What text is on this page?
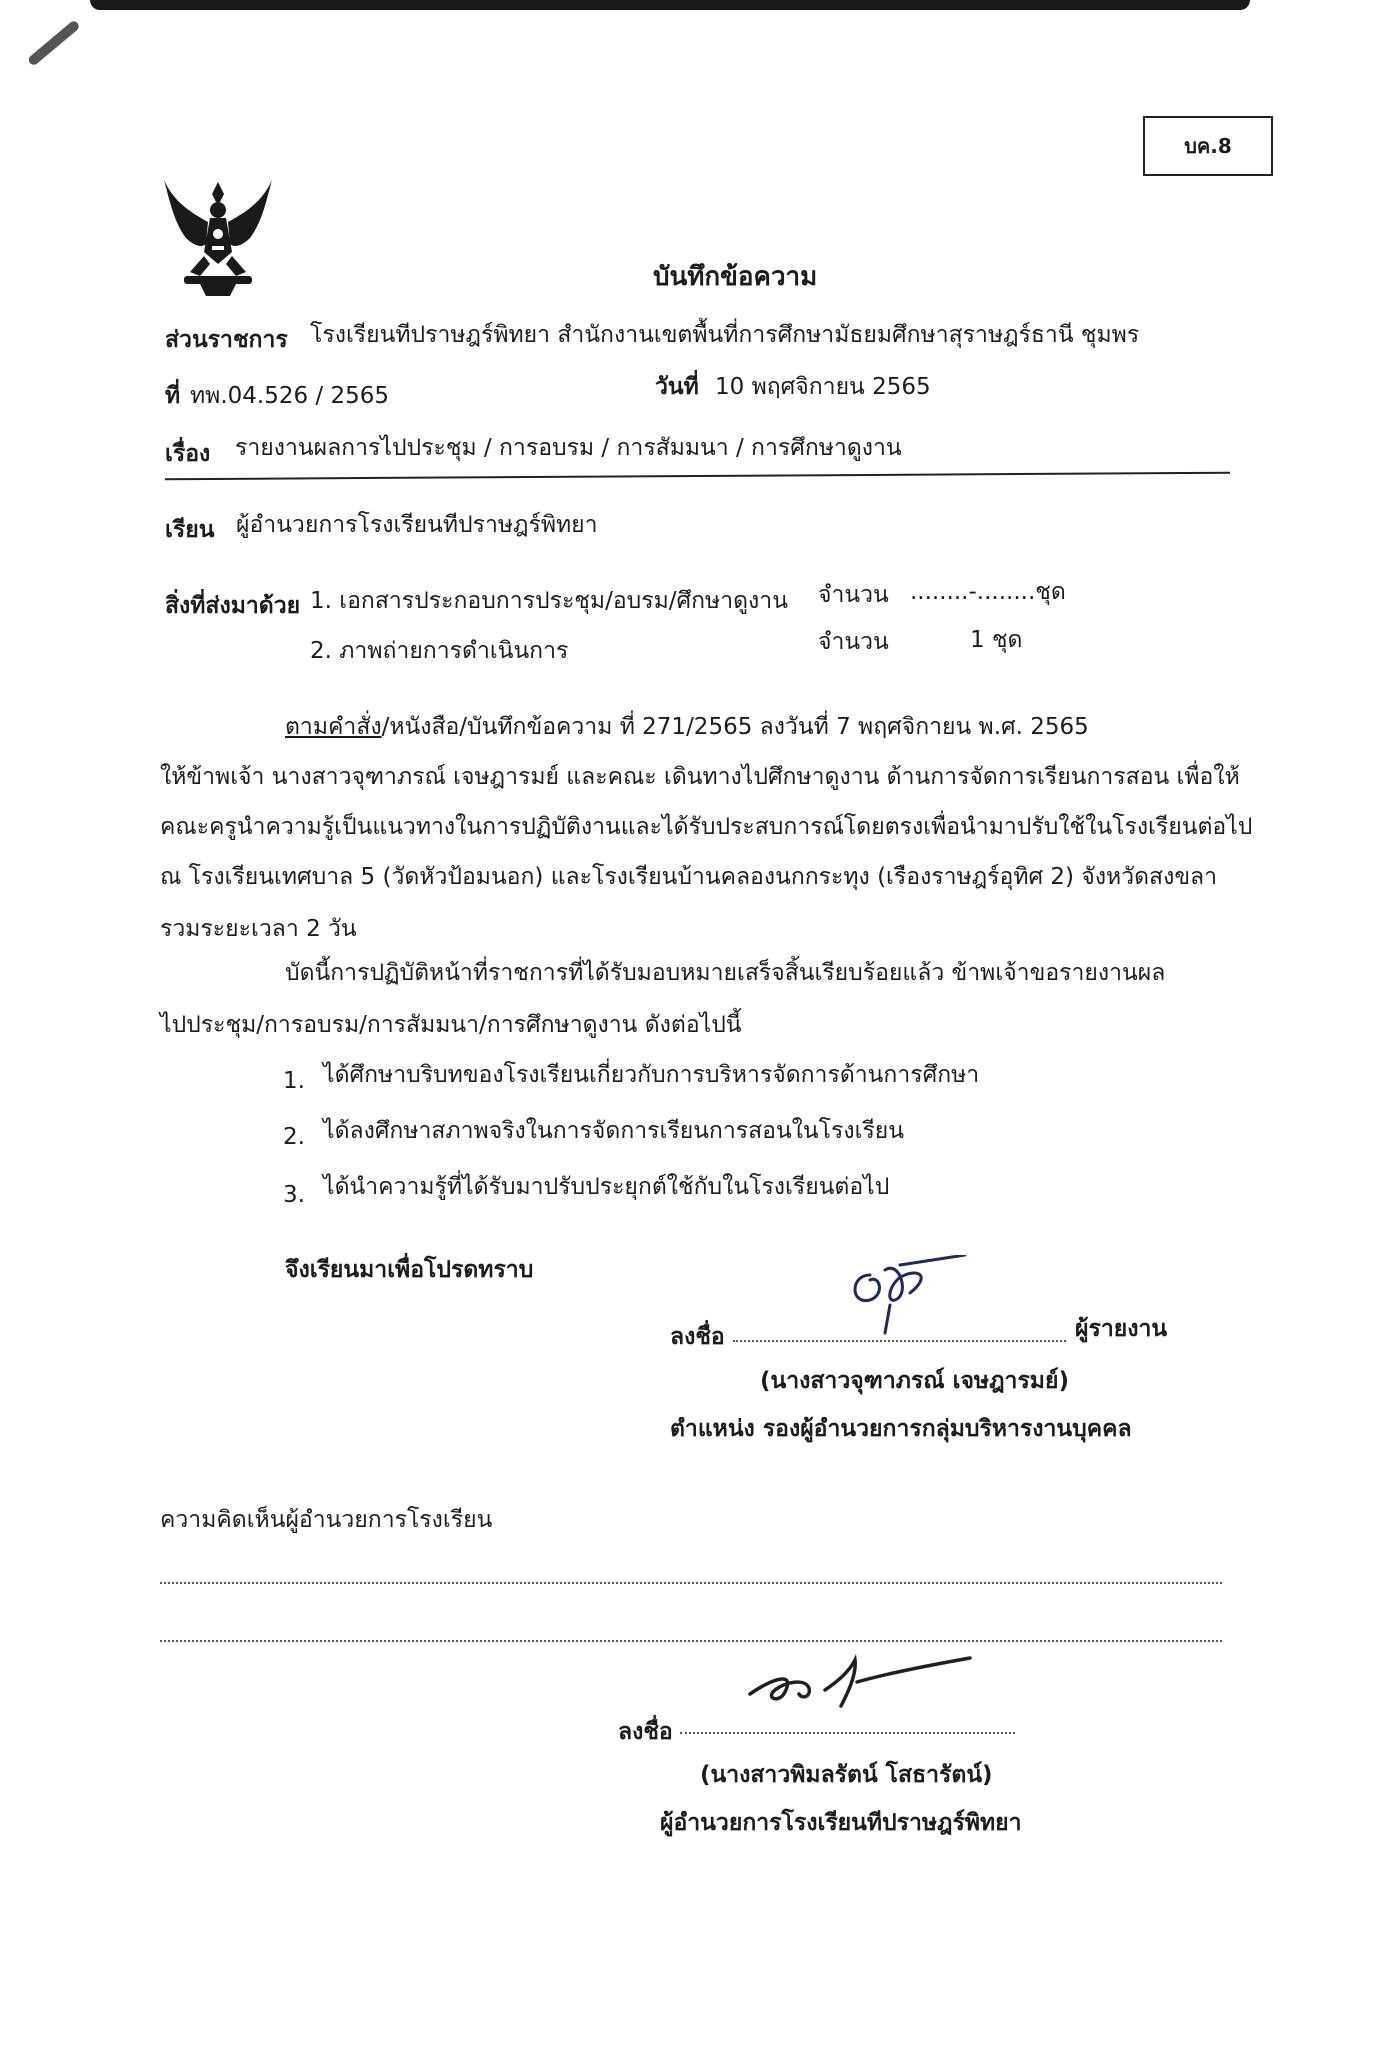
บค.8
บันทึกข้อความ
ส่วนราชการ โรงเรียนทีปราษฎร์พิทยา สำนักงานเขตพื้นที่การศึกษามัธยมศึกษาสุราษฎร์ธานี ชุมพร
ที่ ทพ.04.526 / 2565	วันที่ 10 พฤศจิกายน 2565
เรื่อง รายงานผลการไปประชุม / การอบรม / การสัมมนา / การศึกษาดูงาน
เรียน ผู้อำนวยการโรงเรียนทีปราษฎร์พิทยา
สิ่งที่ส่งมาด้วย 1. เอกสารประกอบการประชุม/อบรม/ศึกษาดูงาน จำนวน ........-........ชุด
2. ภาพถ่ายการดำเนินการ	จำนวน	1 ชุด
ตามคำสั่ง/หนังสือ/บันทึกข้อความ ที่ 271/2565 ลงวันที่ 7 พฤศจิกายน พ.ศ. 2565
ให้ข้าพเจ้า นางสาวจุฑาภรณ์ เจษฎารมย์ และคณะ เดินทางไปศึกษาดูงาน ด้านการจัดการเรียนการสอน เพื่อให้
คณะครูนำความรู้เป็นแนวทางในการปฏิบัติงานและได้รับประสบการณ์โดยตรงเพื่อนำมาปรับใช้ในโรงเรียนต่อไป
ณ โรงเรียนเทศบาล 5 (วัดหัวป้อมนอก) และโรงเรียนบ้านคลองนกกระทุง (เรืองราษฎร์อุทิศ 2) จังหวัดสงขลา
รวมระยะเวลา 2 วัน
บัดนี้การปฏิบัติหน้าที่ราชการที่ได้รับมอบหมายเสร็จสิ้นเรียบร้อยแล้ว ข้าพเจ้าขอรายงานผล
ไปประชุม/การอบรม/การสัมมนา/การศึกษาดูงาน ดังต่อไปนี้
1. ได้ศึกษาบริบทของโรงเรียนเกี่ยวกับการบริหารจัดการด้านการศึกษา
2. ได้ลงศึกษาสภาพจริงในการจัดการเรียนการสอนในโรงเรียน
3. ได้นำความรู้ที่ได้รับมาปรับประยุกต์ใช้กับในโรงเรียนต่อไป
จึงเรียนมาเพื่อโปรดทราบ
ลงชื่อ	ผู้รายงาน
(นางสาวจุฑาภรณ์ เจษฎารมย์)
ตำแหน่ง รองผู้อำนวยการกลุ่มบริหารงานบุคคล
ความคิดเห็นผู้อำนวยการโรงเรียน
ลงชื่อ
(นางสาวพิมลรัตน์ โสธารัตน์)
ผู้อำนวยการโรงเรียนทีปราษฎร์พิทยา
